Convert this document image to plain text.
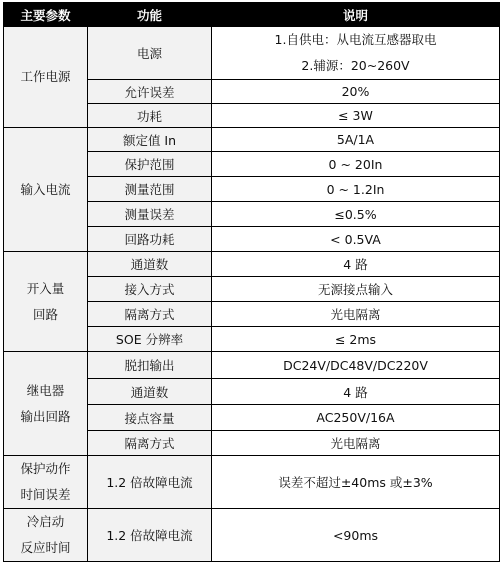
主要参数	功能	说明

工作电源	电源	1.自供电：从电流互感器取电
2.辅源：20~260V

	允许误差	20%

	功耗	≤ 3W

输入电流	额定值 In	5A/1A

	保护范围	0 ~ 20In

	测量范围	0 ~ 1.2In

	测量误差	≤0.5%

	回路功耗	< 0.5VA

开入量
回路	通道数	4 路

	接入方式	无源接点输入

	隔离方式	光电隔离

	SOE 分辨率	≤ 2ms

继电器
输出回路	脱扣输出	DC24V/DC48V/DC220V

	通道数	4 路

	接点容量	AC250V/16A

	隔离方式	光电隔离

保护动作
时间误差	1.2 倍故障电流	误差不超过±40ms 或±3%

冷启动
反应时间	1.2 倍故障电流	<90ms
